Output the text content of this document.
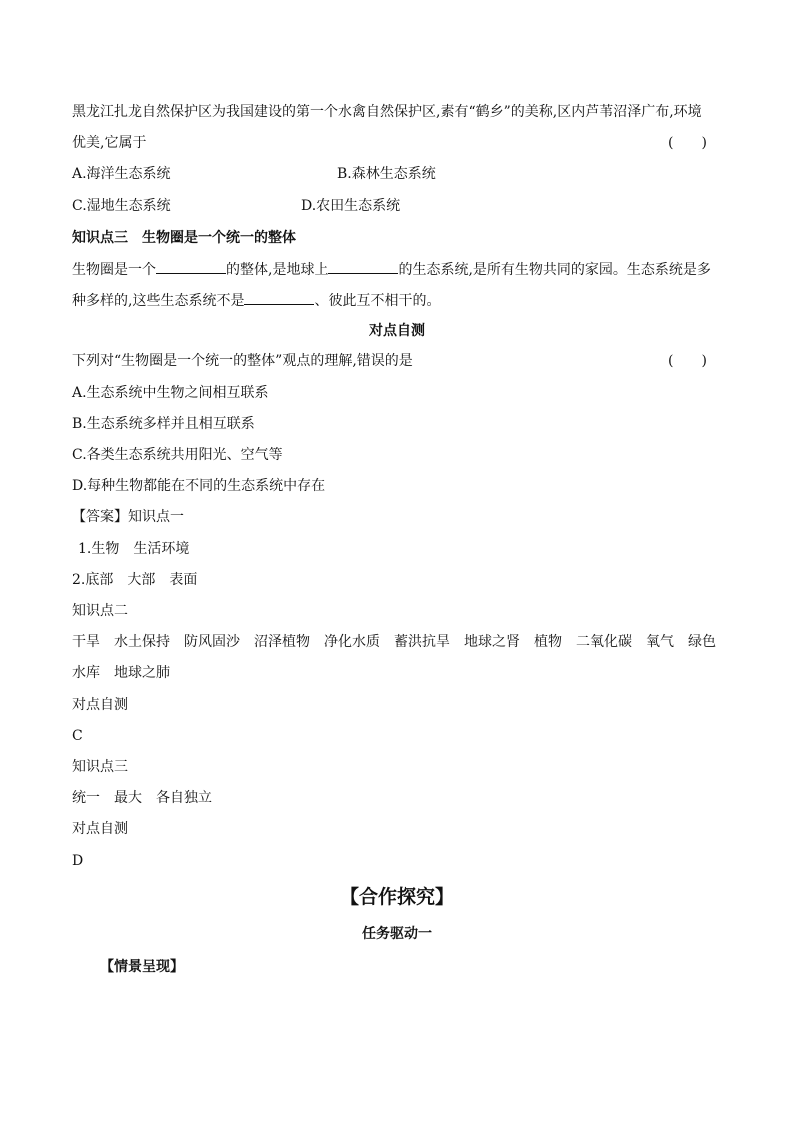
黑龙江扎龙自然保护区为我国建设的第一个水禽自然保护区,素有“鹤乡”的美称,区内芦苇沼泽广布,环境
优美,它属于	(　　)
A.海洋生态系统	B.森林生态系统
C.湿地生态系统	D.农田生态系统
知识点三　生物圈是一个统一的整体
生物圈是一个	的整体,是地球上	的生态系统,是所有生物共同的家园。生态系统是多
种多样的,这些生态系统不是	、彼此互不相干的。
对点自测
下列对“生物圈是一个统一的整体”观点的理解,错误的是	(　　)
A.生态系统中生物之间相互联系
B.生态系统多样并且相互联系
C.各类生态系统共用阳光、空气等
D.每种生物都能在不同的生态系统中存在
【答案】知识点一
1.生物　生活环境
2.底部　大部　表面
知识点二
干旱　水土保持　防风固沙　沼泽植物　净化水质　蓄洪抗旱　地球之肾　植物　二氧化碳　氧气　绿色
水库　地球之肺
对点自测
C
知识点三
统一　最大　各自独立
对点自测
D
【合作探究】
任务驱动一
【情景呈现】
